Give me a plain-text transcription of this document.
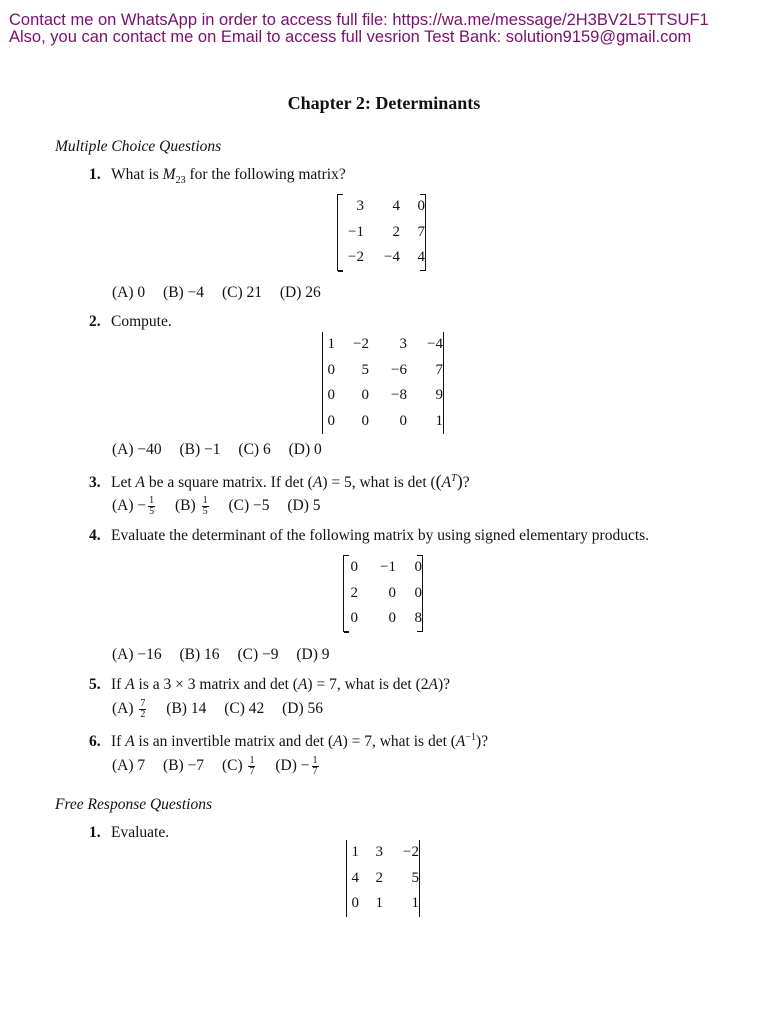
Contact me on WhatsApp in order to access full file: https://wa.me/message/2H3BV2L5TTSUF1
Also, you can contact me on Email to access full vesrion Test Bank: solution9159@gmail.com
Chapter 2: Determinants
Multiple Choice Questions
1. What is $M_{23}$ for the following matrix?
3	4	0
−1	2	7
−2	−4	4
(A) 0 (B) −4 (C) 21 (D) 26
2. Compute.
1	−2	3	−4
0	5	−6	7
0	0	−8	9
0	0	0	1
(A) −40 (B) −1 (C) 6 (D) 0
3. Let A be a square matrix. If det (A) = 5, what is $\det ((A^T)$?
$(A) - \frac{1}{5} (B) \frac{1}{5} (C) -5$ (D) 5
4. Evaluate the determinant of the following matrix by using signed elementary products.
0	−1	0
2	0	0
0	0	8
(A) −16 (B) 16 (C) −9 (D) 9
5. If A is a 3 × 3 matrix and det (A) = 7, what is det (2A)?
$(A) \frac{7}{2} (B)$ 14 (C) 42 (D) 56
6. If A is an invertible matrix and det (A) = 7, what is $\det (A^{-1})$?
(A) 7 (B) −7 $(C) \frac{1}{7} (D) - \frac{1}{7}$
Free Response Questions
1. Evaluate.
1	3	−2
4	2	5
0	1	1
